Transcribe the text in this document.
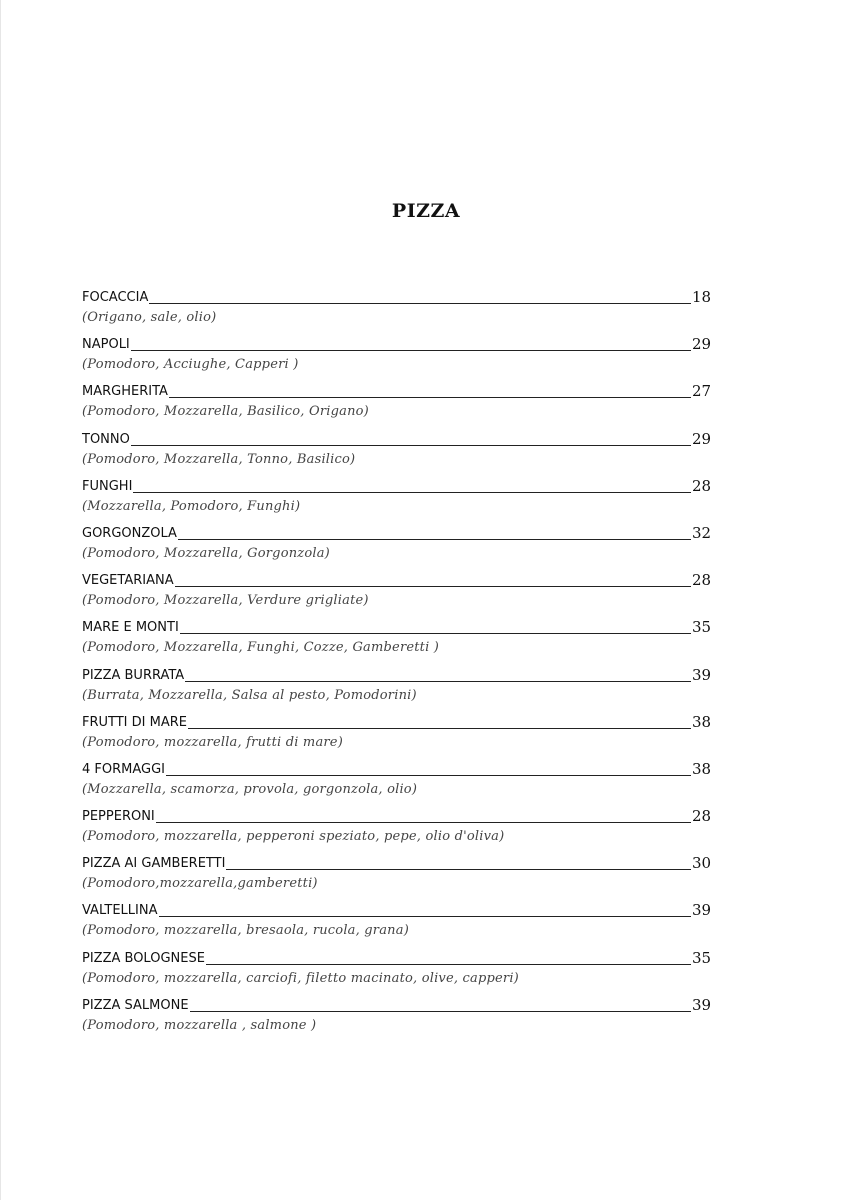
PIZZA
FOCACCIA	18
(Origano, sale, olio)
NAPOLI	29
(Pomodoro, Acciughe, Capperi )
MARGHERITA	27
(Pomodoro, Mozzarella, Basilico, Origano)
TONNO	29
(Pomodoro, Mozzarella, Tonno, Basilico)
FUNGHI	28
(Mozzarella, Pomodoro, Funghi)
GORGONZOLA	32
(Pomodoro, Mozzarella, Gorgonzola)
VEGETARIANA	28
(Pomodoro, Mozzarella, Verdure grigliate)
MARE E MONTI	35
(Pomodoro, Mozzarella, Funghi, Cozze, Gamberetti )
PIZZA BURRATA	39
(Burrata, Mozzarella, Salsa al pesto, Pomodorini)
FRUTTI DI MARE	38
(Pomodoro, mozzarella, frutti di mare)
4 FORMAGGI	38
(Mozzarella, scamorza, provola, gorgonzola, olio)
PEPPERONI	28
(Pomodoro, mozzarella, pepperoni speziato, pepe, olio d'oliva)
PIZZA AI GAMBERETTI	30
(Pomodoro,mozzarella,gamberetti)
VALTELLINA	39
(Pomodoro, mozzarella, bresaola, rucola, grana)
PIZZA BOLOGNESE	35
(Pomodoro, mozzarella, carciofi, filetto macinato, olive, capperi)
PIZZA SALMONE	39
(Pomodoro, mozzarella , salmone )
